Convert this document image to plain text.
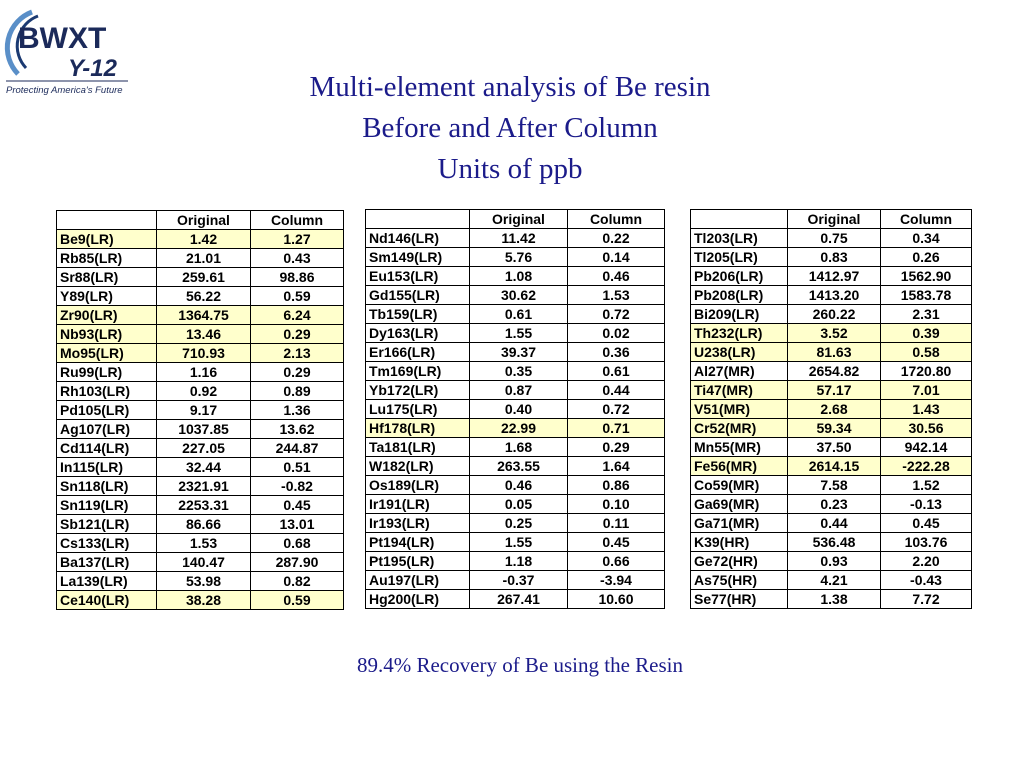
BWXT
Y-12
Protecting America's Future	Multi-element analysis of Be resin
Before and After Column
Units of ppb
	Original	Column
Be9(LR)	1.42	1.27
Rb85(LR)	21.01	0.43
Sr88(LR)	259.61	98.86
Y89(LR)	56.22	0.59
Zr90(LR)	1364.75	6.24
Nb93(LR)	13.46	0.29
Mo95(LR)	710.93	2.13
Ru99(LR)	1.16	0.29
Rh103(LR)	0.92	0.89
Pd105(LR)	9.17	1.36
Ag107(LR)	1037.85	13.62
Cd114(LR)	227.05	244.87
In115(LR)	32.44	0.51
Sn118(LR)	2321.91	-0.82
Sn119(LR)	2253.31	0.45
Sb121(LR)	86.66	13.01
Cs133(LR)	1.53	0.68
Ba137(LR)	140.47	287.90
La139(LR)	53.98	0.82
Ce140(LR)	38.28	0.59
	Original	Column
Nd146(LR)	11.42	0.22
Sm149(LR)	5.76	0.14
Eu153(LR)	1.08	0.46
Gd155(LR)	30.62	1.53
Tb159(LR)	0.61	0.72
Dy163(LR)	1.55	0.02
Er166(LR)	39.37	0.36
Tm169(LR)	0.35	0.61
Yb172(LR)	0.87	0.44
Lu175(LR)	0.40	0.72
Hf178(LR)	22.99	0.71
Ta181(LR)	1.68	0.29
W182(LR)	263.55	1.64
Os189(LR)	0.46	0.86
Ir191(LR)	0.05	0.10
Ir193(LR)	0.25	0.11
Pt194(LR)	1.55	0.45
Pt195(LR)	1.18	0.66
Au197(LR)	-0.37	-3.94
Hg200(LR)	267.41	10.60
	Original	Column
Tl203(LR)	0.75	0.34
Tl205(LR)	0.83	0.26
Pb206(LR)	1412.97	1562.90
Pb208(LR)	1413.20	1583.78
Bi209(LR)	260.22	2.31
Th232(LR)	3.52	0.39
U238(LR)	81.63	0.58
Al27(MR)	2654.82	1720.80
Ti47(MR)	57.17	7.01
V51(MR)	2.68	1.43
Cr52(MR)	59.34	30.56
Mn55(MR)	37.50	942.14
Fe56(MR)	2614.15	-222.28
Co59(MR)	7.58	1.52
Ga69(MR)	0.23	-0.13
Ga71(MR)	0.44	0.45
K39(HR)	536.48	103.76
Ge72(HR)	0.93	2.20
As75(HR)	4.21	-0.43
Se77(HR)	1.38	7.72
89.4% Recovery of Be using the Resin
